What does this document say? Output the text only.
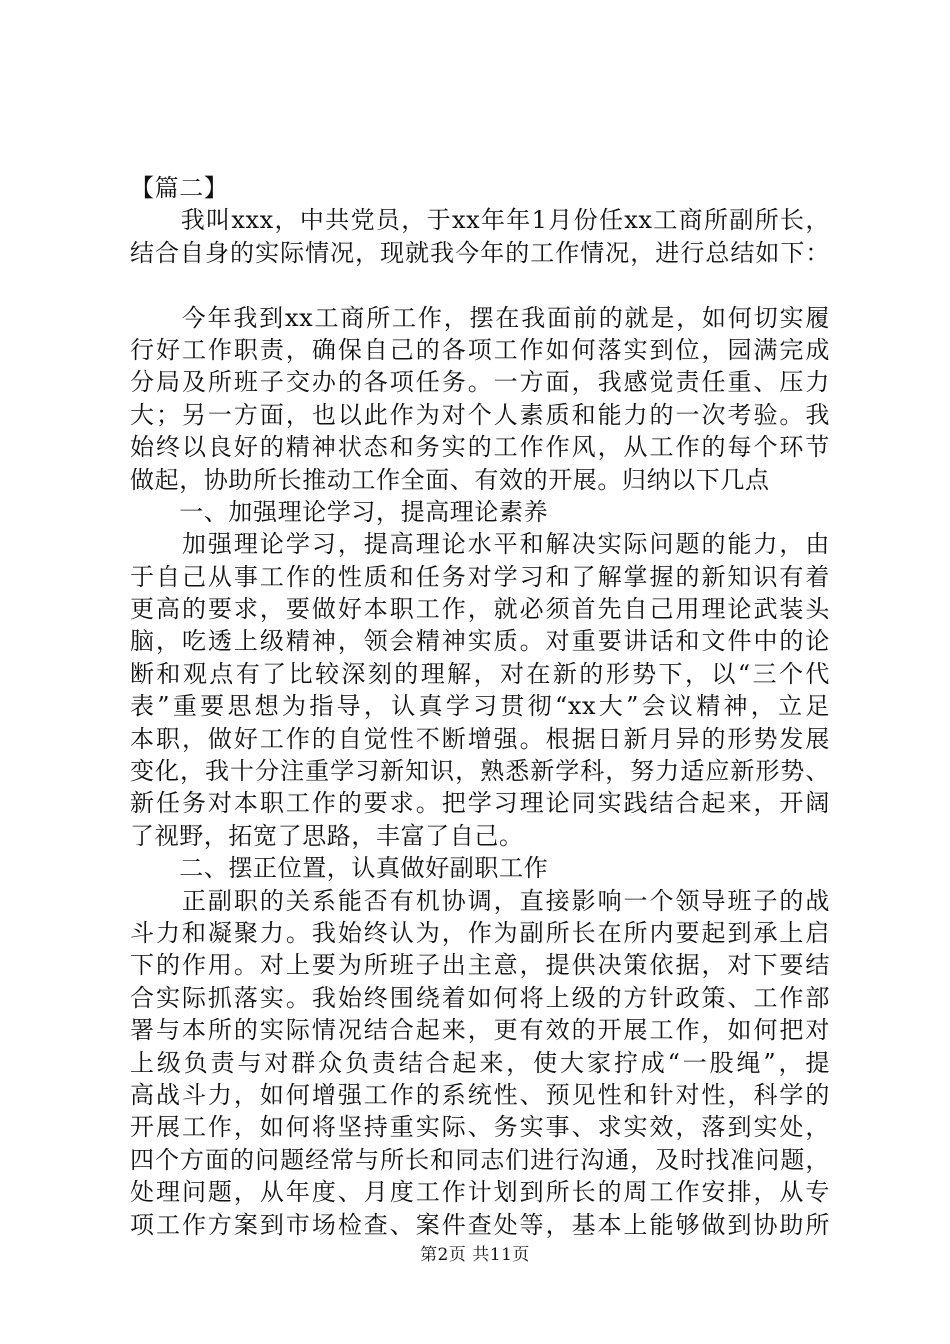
【篇二】
　　我叫xxx，中共党员，于xx年年1月份任xx工商所副所长，
结合自身的实际情况，现就我今年的工作情况，进行总结如下：
　　今年我到xx工商所工作，摆在我面前的就是，如何切实履
行好工作职责，确保自己的各项工作如何落实到位，园满完成
分局及所班子交办的各项任务。一方面，我感觉责任重、压力
大；另一方面，也以此作为对个人素质和能力的一次考验。我
始终以良好的精神状态和务实的工作作风，从工作的每个环节
做起，协助所长推动工作全面、有效的开展。归纳以下几点
　　一、加强理论学习，提高理论素养
　　加强理论学习，提高理论水平和解决实际问题的能力，由
于自己从事工作的性质和任务对学习和了解掌握的新知识有着
更高的要求，要做好本职工作，就必须首先自己用理论武装头
脑，吃透上级精神，领会精神实质。对重要讲话和文件中的论
断和观点有了比较深刻的理解，对在新的形势下，以“三个代
表”重要思想为指导，认真学习贯彻“xx大”会议精神，立足
本职，做好工作的自觉性不断增强。根据日新月异的形势发展
变化，我十分注重学习新知识，熟悉新学科，努力适应新形势、
新任务对本职工作的要求。把学习理论同实践结合起来，开阔
了视野，拓宽了思路，丰富了自己。
　　二、摆正位置，认真做好副职工作
　　正副职的关系能否有机协调，直接影响一个领导班子的战
斗力和凝聚力。我始终认为，作为副所长在所内要起到承上启
下的作用。对上要为所班子出主意，提供决策依据，对下要结
合实际抓落实。我始终围绕着如何将上级的方针政策、工作部
署与本所的实际情况结合起来，更有效的开展工作，如何把对
上级负责与对群众负责结合起来，使大家拧成“一股绳”，提
高战斗力，如何增强工作的系统性、预见性和针对性，科学的
开展工作，如何将坚持重实际、务实事、求实效，落到实处，
四个方面的问题经常与所长和同志们进行沟通，及时找准问题，
处理问题，从年度、月度工作计划到所长的周工作安排，从专
项工作方案到市场检查、案件查处等，基本上能够做到协助所
第2页 共11页
